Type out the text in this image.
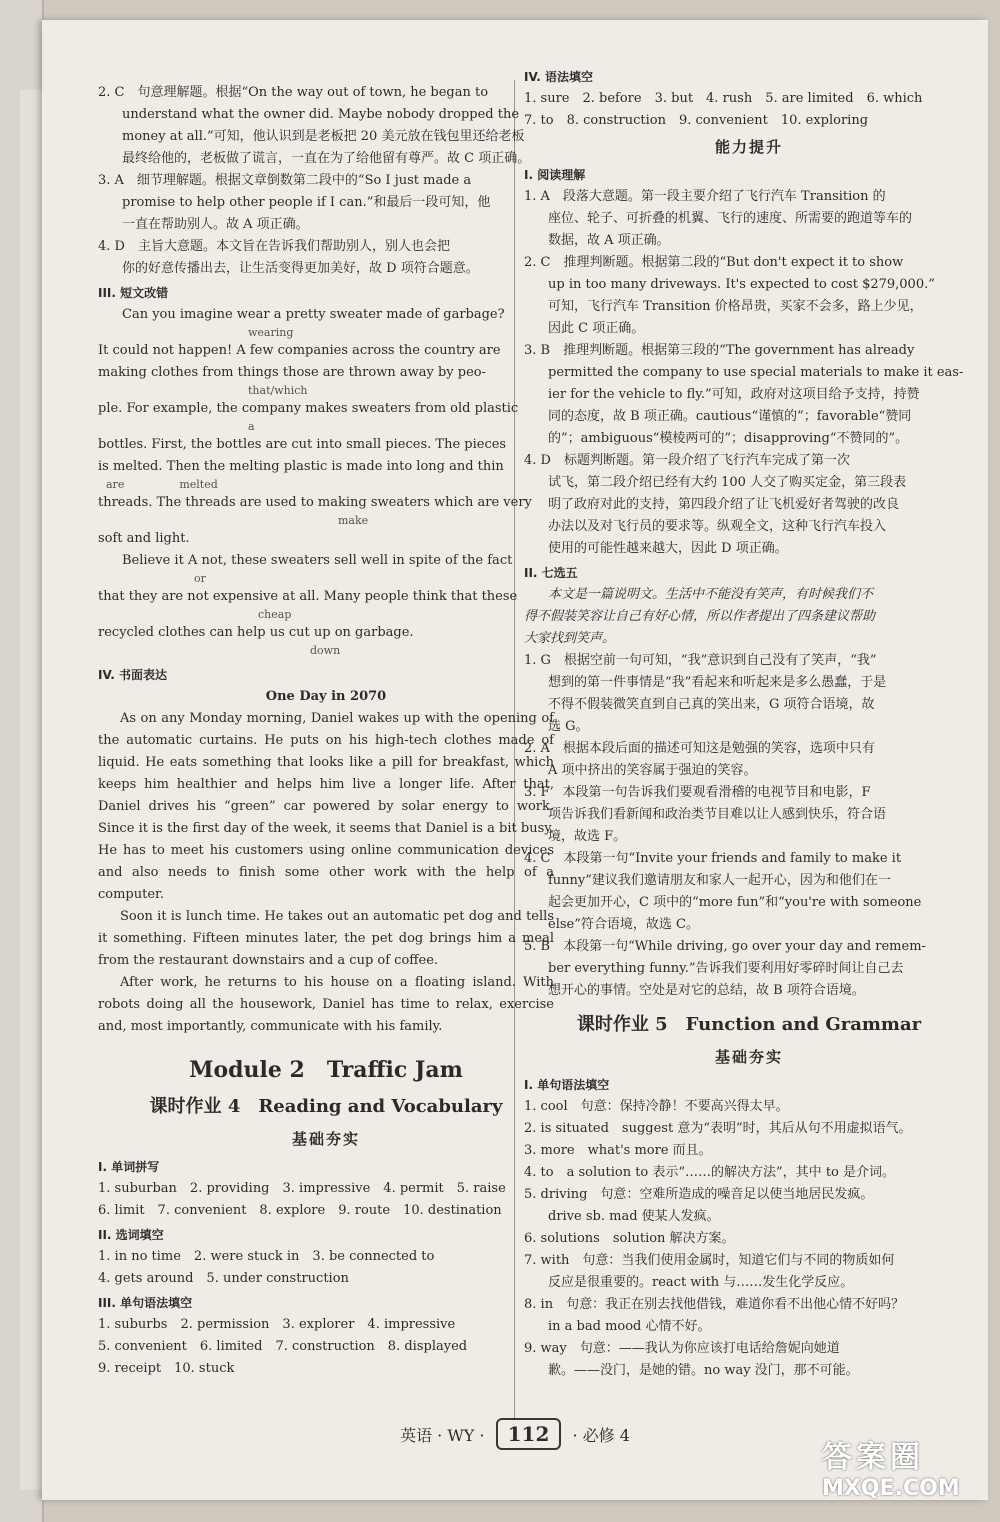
2. C　句意理解题。根据“On the way out of town, he began to
understand what the owner did. Maybe nobody dropped the
money at all.”可知，他认识到是老板把 20 美元放在钱包里还给老板
最终给他的，老板做了谎言，一直在为了给他留有尊严。故 C 项正确。
3. A　细节理解题。根据文章倒数第二段中的“So I just made a
promise to help other people if I can.”和最后一段可知，他
一直在帮助别人。故 A 项正确。
4. D　主旨大意题。本文旨在告诉我们帮助别人，别人也会把
你的好意传播出去，让生活变得更加美好，故 D 项符合题意。
III. 短文改错
Can you imagine wear a pretty sweater made of garbage?
wearing
It could not happen! A few companies across the country are
making clothes from things those are thrown away by peo-
that/which
ple. For example, the company makes sweaters from old plastic
a
bottles. First, the bottles are cut into small pieces. The pieces
is melted. Then the melting plastic is made into long and thin
are　　　　　melted
threads. The threads are used to making sweaters which are very
make
soft and light.
Believe it A not, these sweaters sell well in spite of the fact
or
that they are not expensive at all. Many people think that these
cheap
recycled clothes can help us cut up on garbage.
down
IV. 书面表达
One Day in 2070
As on any Monday morning, Daniel wakes up with the opening of the automatic curtains. He puts on his high-tech clothes made of liquid. He eats something that looks like a pill for breakfast, which keeps him healthier and helps him live a longer life. After that, Daniel drives his “green” car powered by solar energy to work. Since it is the first day of the week, it seems that Daniel is a bit busy. He has to meet his customers using online communication devices and also needs to finish some other work with the help of a computer.
Soon it is lunch time. He takes out an automatic pet dog and tells it something. Fifteen minutes later, the pet dog brings him a meal from the restaurant downstairs and a cup of coffee.
After work, he returns to his house on a floating island. With robots doing all the housework, Daniel has time to relax, exercise and, most importantly, communicate with his family.
Module 2　Traffic Jam
课时作业 4　Reading and Vocabulary
基础夯实
I. 单词拼写
1. suburban　2. providing　3. impressive　4. permit　5. raise
6. limit　7. convenient　8. explore　9. route　10. destination
II. 选词填空
1. in no time　2. were stuck in　3. be connected to
4. gets around　5. under construction
III. 单句语法填空
1. suburbs　2. permission　3. explorer　4. impressive
5. convenient　6. limited　7. construction　8. displayed
9. receipt　10. stuck
IV. 语法填空
1. sure　2. before　3. but　4. rush　5. are limited　6. which
7. to　8. construction　9. convenient　10. exploring
能力提升
I. 阅读理解
1. A　段落大意题。第一段主要介绍了飞行汽车 Transition 的
座位、轮子、可折叠的机翼、飞行的速度、所需要的跑道等车的
数据，故 A 项正确。
2. C　推理判断题。根据第二段的“But don't expect it to show
up in too many driveways. It's expected to cost $279,000.”
可知，飞行汽车 Transition 价格昂贵，买家不会多，路上少见，
因此 C 项正确。
3. B　推理判断题。根据第三段的“The government has already
permitted the company to use special materials to make it eas-
ier for the vehicle to fly.”可知，政府对这项目给予支持，持赞
同的态度，故 B 项正确。cautious“谨慎的”；favorable“赞同
的”；ambiguous“模棱两可的”；disapproving“不赞同的”。
4. D　标题判断题。第一段介绍了飞行汽车完成了第一次
试飞，第二段介绍已经有大约 100 人交了购买定金，第三段表
明了政府对此的支持，第四段介绍了让飞机爱好者驾驶的改良
办法以及对飞行员的要求等。纵观全文，这种飞行汽车投入
使用的可能性越来越大，因此 D 项正确。
II. 七选五
本文是一篇说明文。生活中不能没有笑声，有时候我们不
得不假装笑容让自己有好心情，所以作者提出了四条建议帮助
大家找到笑声。
1. G　根据空前一句可知，“我”意识到自己没有了笑声，“我”
想到的第一件事情是“我”看起来和听起来是多么愚蠢，于是
不得不假装微笑直到自己真的笑出来，G 项符合语境，故
选 G。
2. A　根据本段后面的描述可知这是勉强的笑容，选项中只有
A 项中挤出的笑容属于强迫的笑容。
3. F　本段第一句告诉我们要观看滑稽的电视节目和电影，F
项告诉我们看新闻和政治类节目难以让人感到快乐，符合语
境，故选 F。
4. C　本段第一句“Invite your friends and family to make it
funny”建议我们邀请朋友和家人一起开心，因为和他们在一
起会更加开心，C 项中的“more fun”和“you're with someone
else”符合语境，故选 C。
5. B　本段第一句“While driving, go over your day and remem-
ber everything funny.”告诉我们要利用好零碎时间让自己去
想开心的事情。空处是对它的总结，故 B 项符合语境。
课时作业 5　Function and Grammar
基础夯实
I. 单句语法填空
1. cool　句意：保持冷静！不要高兴得太早。
2. is situated　suggest 意为“表明”时，其后从句不用虚拟语气。
3. more　what's more 而且。
4. to　a solution to 表示“……的解决方法”，其中 to 是介词。
5. driving　句意：空难所造成的噪音足以使当地居民发疯。
drive sb. mad 使某人发疯。
6. solutions　solution 解决方案。
7. with　句意：当我们使用金属时，知道它们与不同的物质如何
反应是很重要的。react with 与……发生化学反应。
8. in　句意：我正在别去找他借钱，难道你看不出他心情不好吗？
in a bad mood 心情不好。
9. way　句意：——我认为你应该打电话给詹妮向她道
歉。——没门，是她的错。no way 没门，那不可能。
英语 · WY · 112 · 必修 4
答案圈
MXQE.COM
